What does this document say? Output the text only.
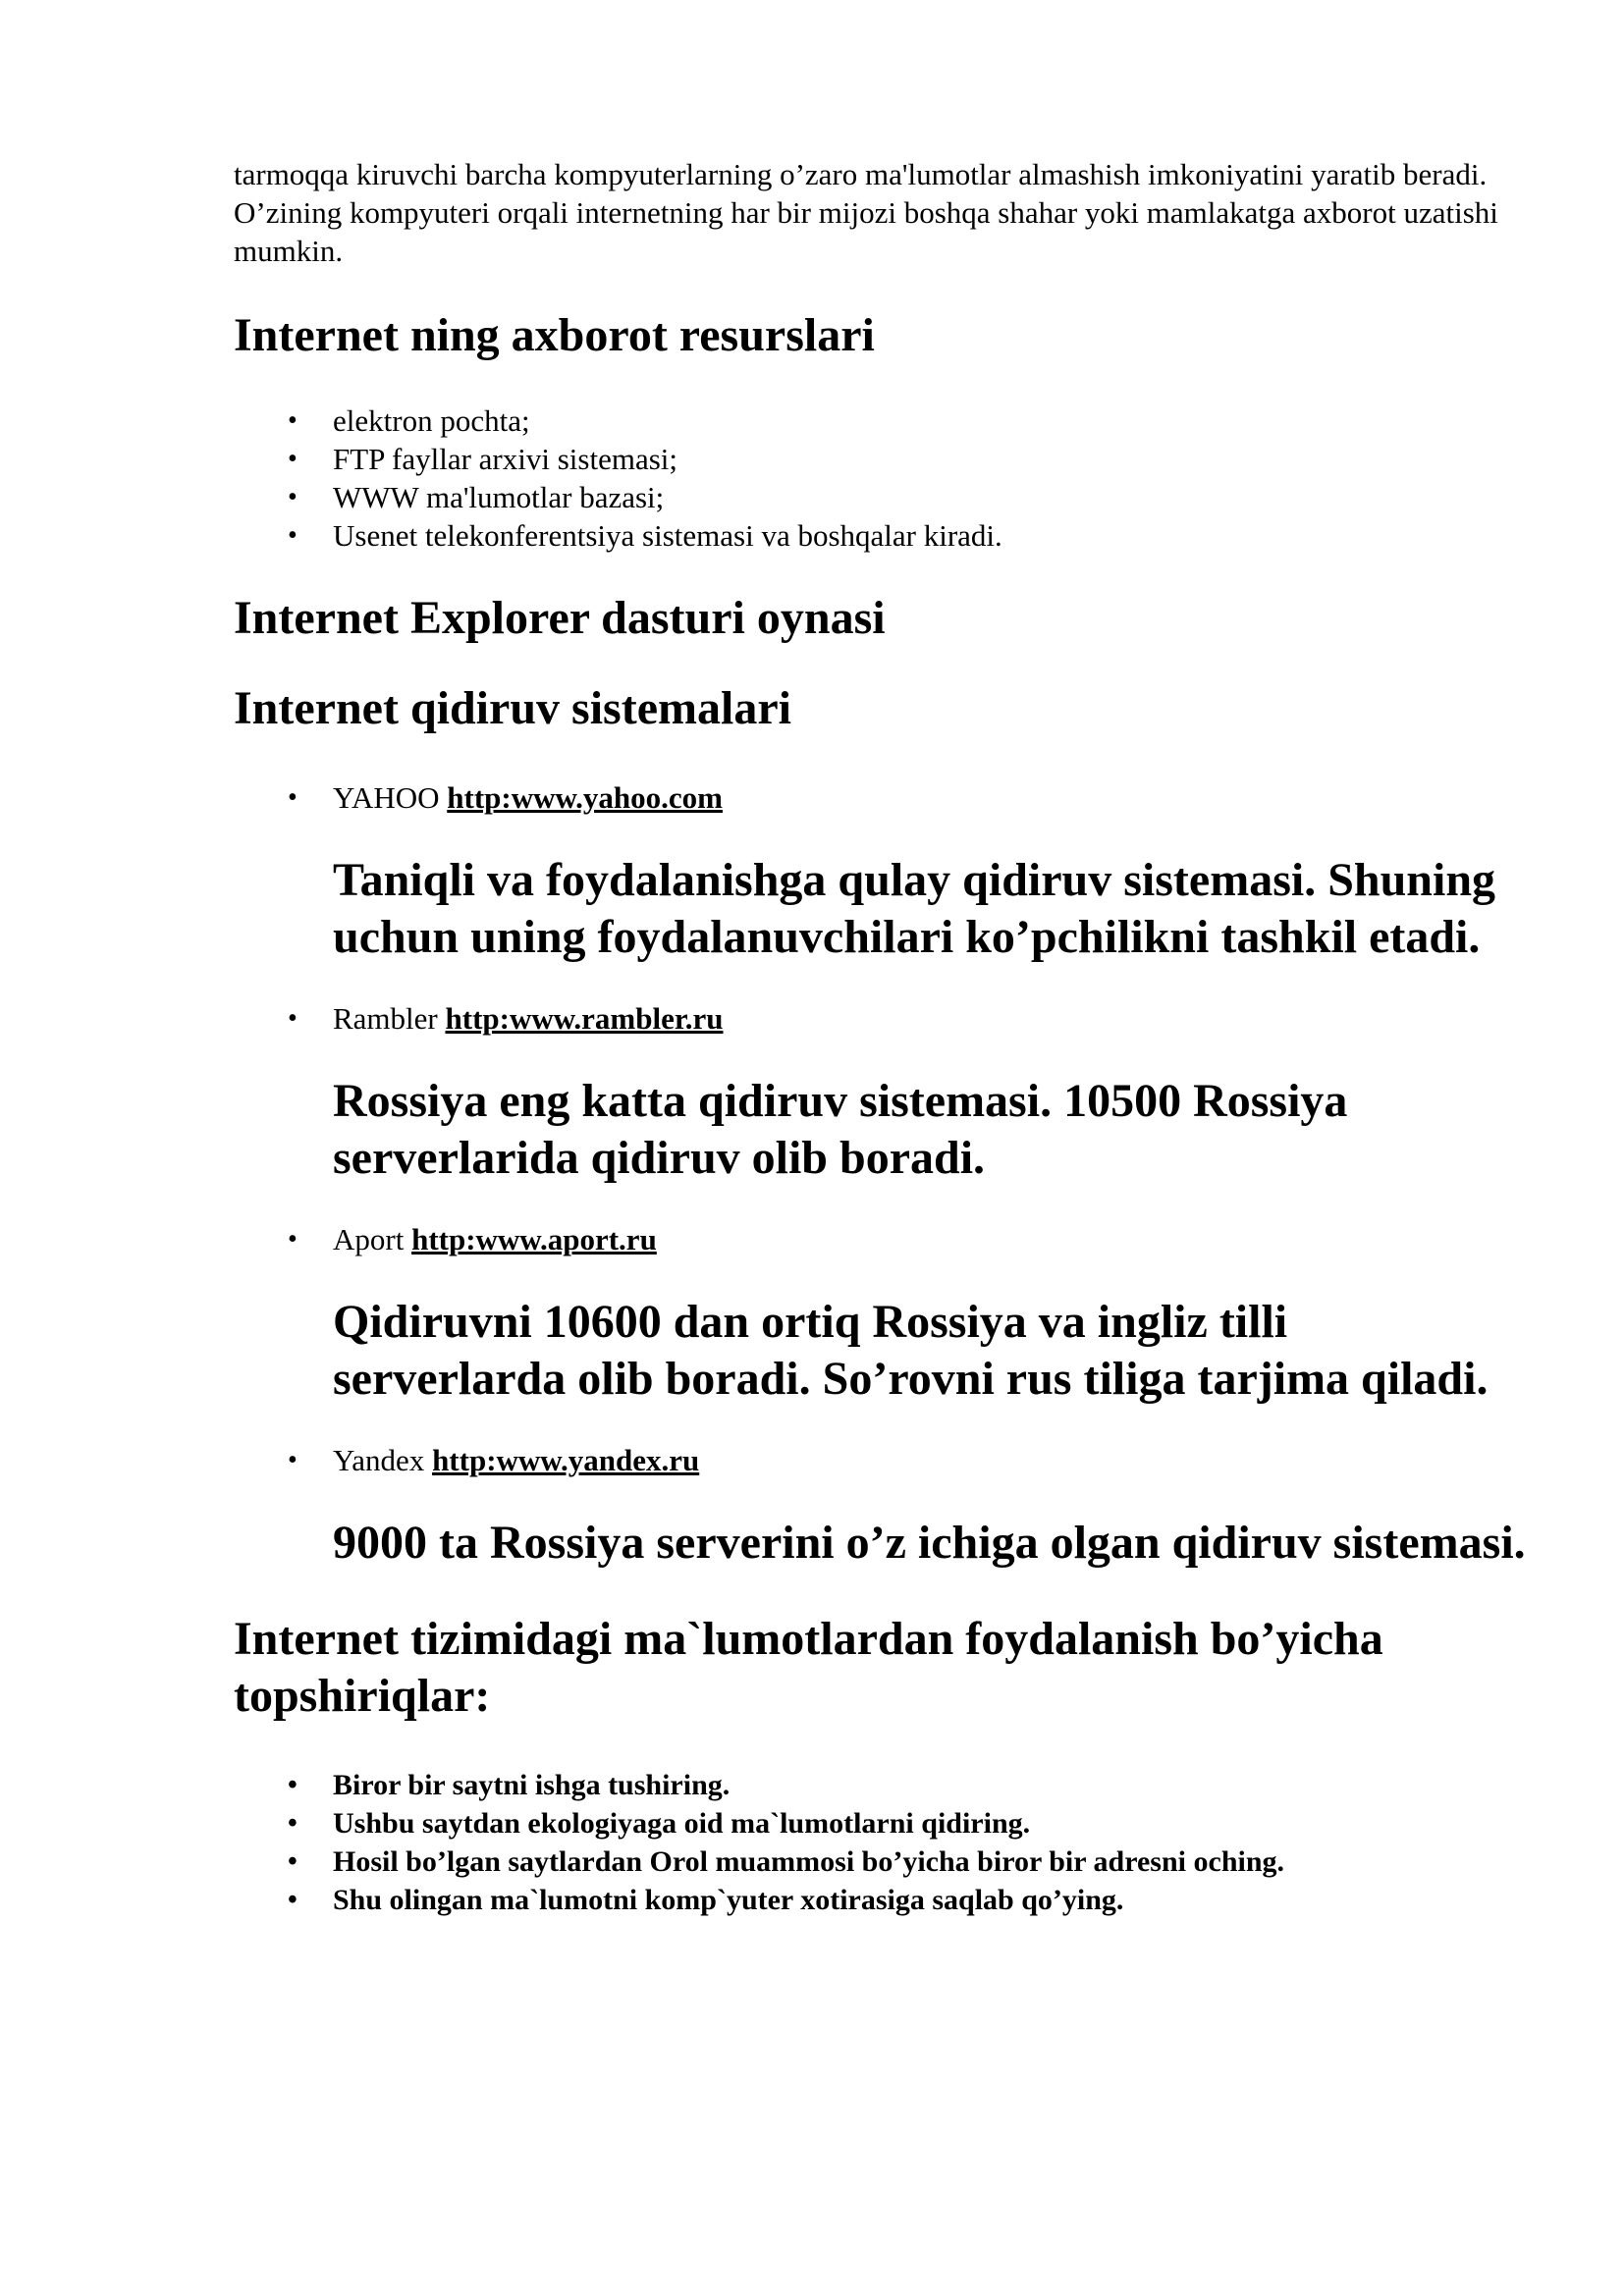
tarmoqqa kiruvchi barcha kompyuterlarning o’zaro ma'lumotlar almashish imkoniyatini yaratib beradi. O’zining kompyuteri orqali internetning har bir mijozi boshqa shahar yoki mamlakatga axborot uzatishi mumkin.

Internet ning axborot resurslari
• elektron pochta;
• FTP fayllar arxivi sistemasi;
• WWW ma'lumotlar bazasi;
• Usenet telekonferentsiya sistemasi va boshqalar kiradi.
Internet Explorer dasturi oynasi
Internet qidiruv sistemalari
• YAHOO http:www.yahoo.com
Taniqli va foydalanishga qulay qidiruv sistemasi. Shuning uchun uning foydalanuvchilari ko’pchilikni tashkil etadi.
• Rambler http:www.rambler.ru
Rossiya eng katta qidiruv sistemasi. 10500 Rossiya serverlarida qidiruv olib boradi.
• Aport http:www.aport.ru
Qidiruvni 10600 dan ortiq Rossiya va ingliz tilli serverlarda olib boradi. So’rovni rus tiliga tarjima qiladi.
• Yandex http:www.yandex.ru
9000 ta Rossiya serverini o’z ichiga olgan qidiruv sistemasi.
Internet tizimidagi ma`lumotlardan foydalanish bo’yicha topshiriqlar:
• Biror bir saytni ishga tushiring.
• Ushbu saytdan ekologiyaga oid ma`lumotlarni qidiring.
• Hosil bo’lgan saytlardan Orol muammosi bo’yicha biror bir adresni oching.
• Shu olingan ma`lumotni komp`yuter xotirasiga saqlab qo’ying.
